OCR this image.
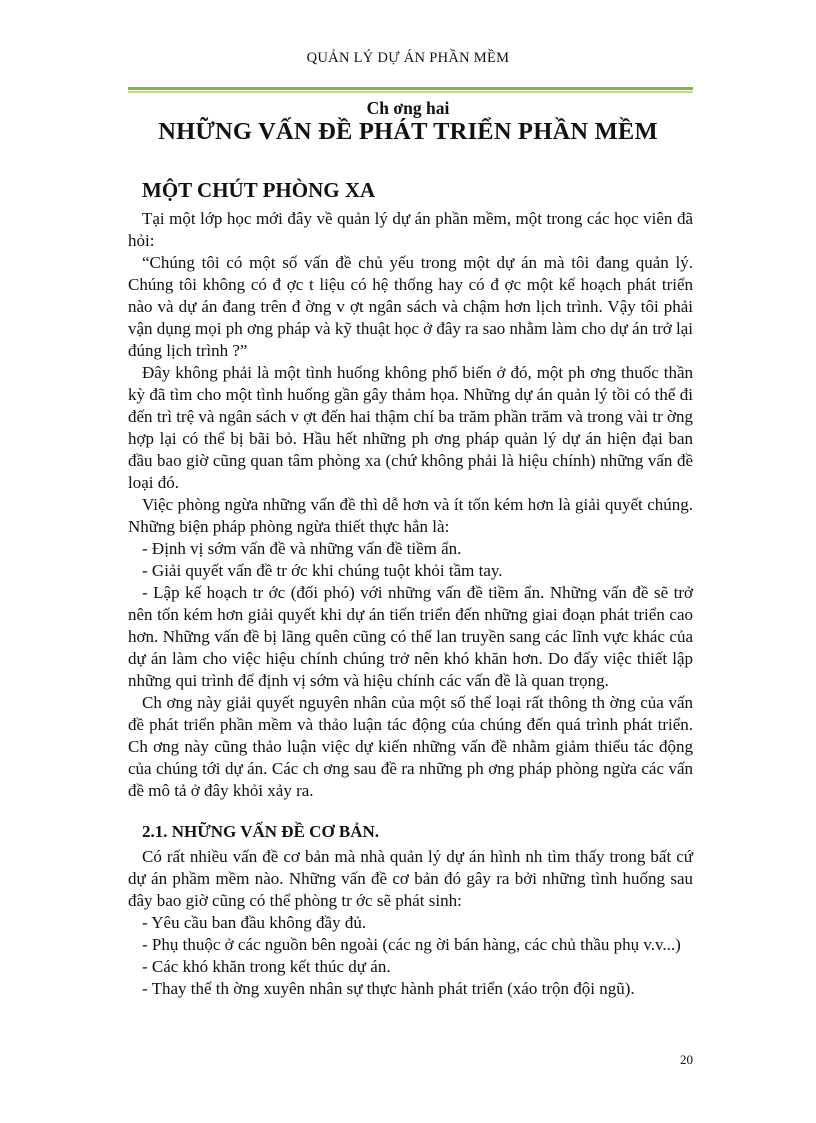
QUẢN LÝ DỰ ÁN PHẦN MỀM
Ch ơng hai
NHỮNG VẤN ĐỀ PHÁT TRIỂN PHẦN MỀM
MỘT CHÚT PHÒNG XA

Tại một lớp học mới đây về quản lý dự án phần mềm, một trong các học viên đã hỏi:

“Chúng tôi có một số vấn đề chủ yếu trong một dự án mà tôi đang quản lý. Chúng tôi không có đ ợc t liệu có hệ thống hay có đ ợc một kế hoạch phát triển nào và dự án đang trên đ ờng v ợt ngân sách và chậm hơn lịch trình. Vậy tôi phải vận dụng mọi ph ơng pháp và kỹ thuật học ở đây ra sao nhằm làm cho dự án trở lại đúng lịch trình ?”

Đây không phải là một tình huống không phổ biến ở đó, một ph ơng thuốc thần kỳ đã tìm cho một tình huống gần gây thảm họa. Những dự án quản lý tồi có thể đi đến trì trệ và ngân sách v ợt đến hai thậm chí ba trăm phần trăm và trong vài tr ờng hợp lại có thể bị bãi bỏ. Hầu hết những ph ơng pháp quản lý dự án hiện đại ban đầu bao giờ cũng quan tâm phòng xa (chứ không phải là hiệu chính) những vấn đề loại đó.

Việc phòng ngừa những vấn đề thì dễ hơn và ít tốn kém hơn là giải quyết chúng. Những biện pháp phòng ngừa thiết thực hẳn là:

- Định vị sớm vấn đề và những vấn đề tiềm ẩn.

- Giải quyết vấn đề tr ớc khi chúng tuột khỏi tầm tay.

- Lập kế hoạch tr ớc (đối phó) với những vấn đề tiềm ẩn. Những vấn đề sẽ trở nên tốn kém hơn giải quyết khi dự án tiến triển đến những giai đoạn phát triển cao hơn. Những vấn đề bị lãng quên cũng có thể lan truyền sang các lĩnh vực khác của dự án làm cho việc hiệu chính chúng trở nên khó khăn hơn. Do đấy việc thiết lập những qui trình để định vị sớm và hiệu chính các vấn đề là quan trọng.

Ch ơng này giải quyết nguyên nhân của một số thể loại rất thông th ờng của vấn đề phát triển phần mềm và thảo luận tác động của chúng đến quá trình phát triển. Ch ơng này cũng thảo luận việc dự kiến những vấn đề nhằm giảm thiểu tác động của chúng tới dự án. Các ch ơng sau đề ra những ph ơng pháp phòng ngừa các vấn đề mô tả ở đây khỏi xảy ra.

2.1. NHỮNG VẤN ĐỀ CƠ BẢN.

Có rất nhiều vấn đề cơ bản mà nhà quản lý dự án hình nh tìm thấy trong bất cứ dự án phầm mềm nào. Những vấn đề cơ bản đó gây ra bởi những tình huống sau đây bao giờ cũng có thể phòng tr ớc sẽ phát sinh:

- Yêu cầu ban đầu không đầy đủ.

- Phụ thuộc ở các nguồn bên ngoài (các ng ời bán hàng, các chủ thầu phụ v.v...)

- Các khó khăn trong kết thúc dự án.

- Thay thế th ờng xuyên nhân sự thực hành phát triển (xáo trộn đội ngũ).

20
